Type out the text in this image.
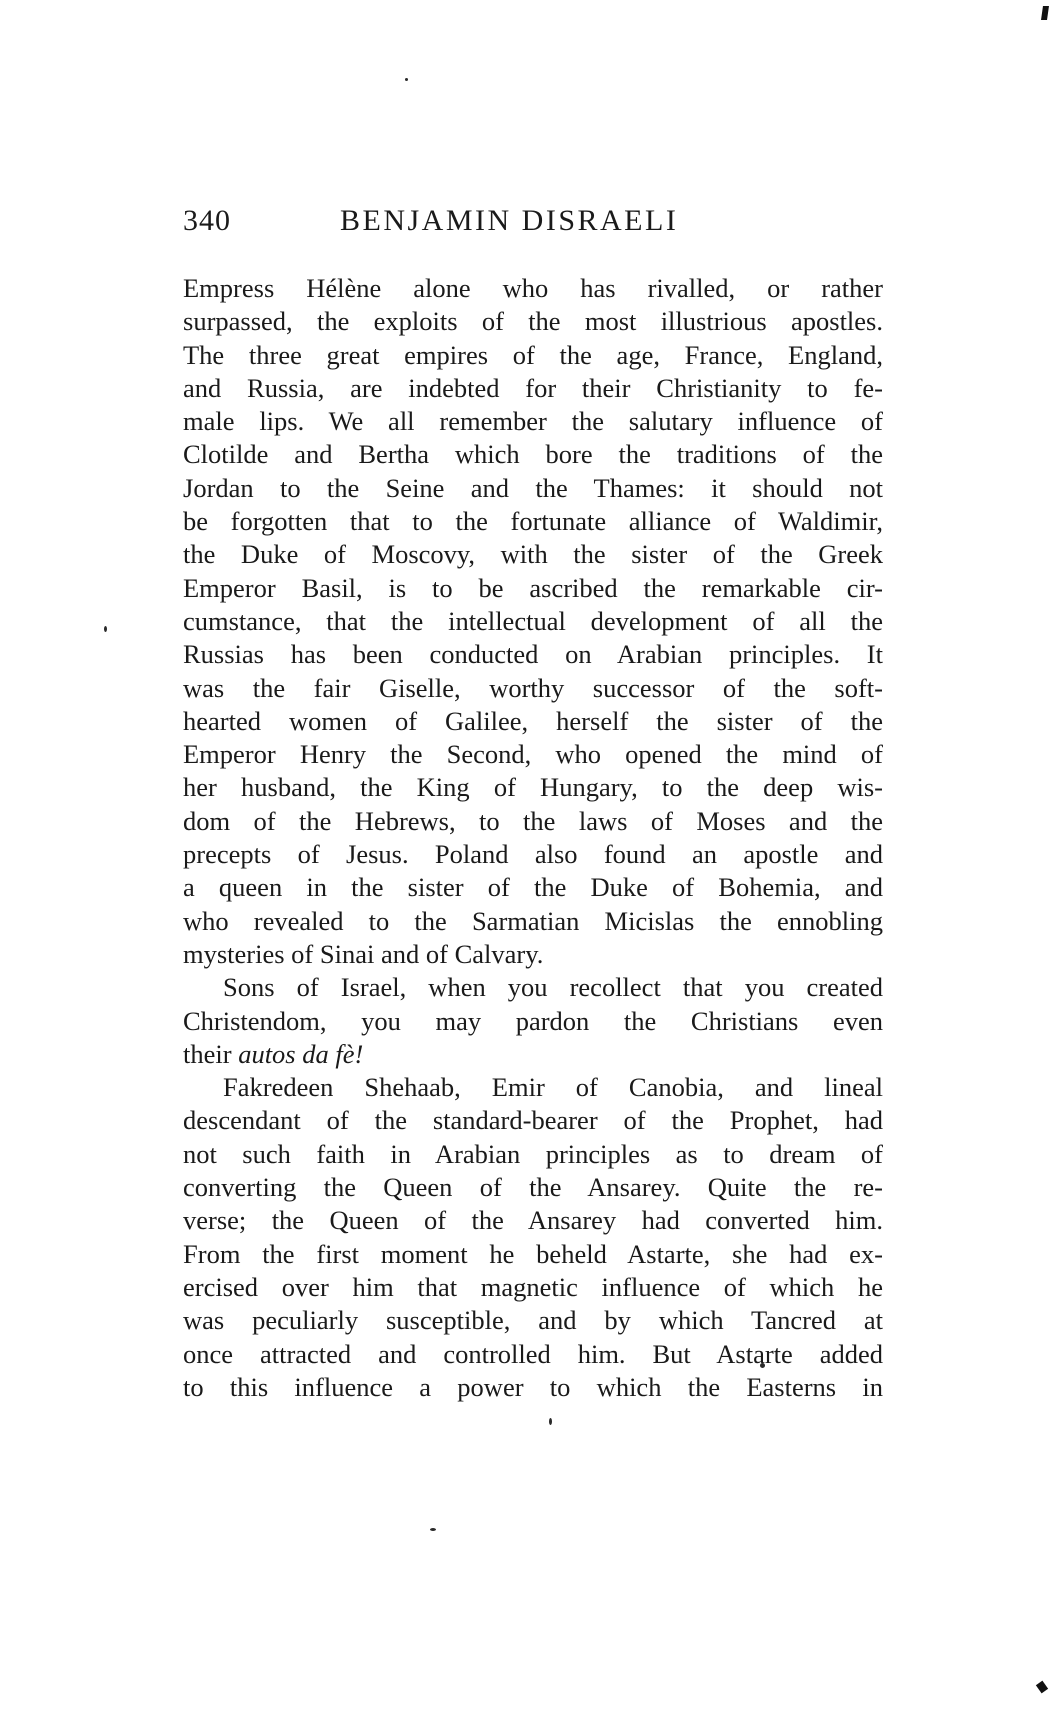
340	BENJAMIN DISRAELI
Empress Hélène alone who has rivalled, or rather
surpassed, the exploits of the most illustrious apostles.
The three great empires of the age, France, England,
and Russia, are indebted for their Christianity to fe-
male lips. We all remember the salutary influence of
Clotilde and Bertha which bore the traditions of the
Jordan to the Seine and the Thames: it should not
be forgotten that to the fortunate alliance of Waldimir,
the Duke of Moscovy, with the sister of the Greek
Emperor Basil, is to be ascribed the remarkable cir-
cumstance, that the intellectual development of all the
Russias has been conducted on Arabian principles. It
was the fair Giselle, worthy successor of the soft-
hearted women of Galilee, herself the sister of the
Emperor Henry the Second, who opened the mind of
her husband, the King of Hungary, to the deep wis-
dom of the Hebrews, to the laws of Moses and the
precepts of Jesus. Poland also found an apostle and
a queen in the sister of the Duke of Bohemia, and
who revealed to the Sarmatian Micislas the ennobling
mysteries of Sinai and of Calvary.
Sons of Israel, when you recollect that you created
Christendom, you may pardon the Christians even
their autos da fè!
Fakredeen Shehaab, Emir of Canobia, and lineal
descendant of the standard-bearer of the Prophet, had
not such faith in Arabian principles as to dream of
converting the Queen of the Ansarey. Quite the re-
verse; the Queen of the Ansarey had converted him.
From the first moment he beheld Astarte, she had ex-
ercised over him that magnetic influence of which he
was peculiarly susceptible, and by which Tancred at
once attracted and controlled him. But Astarte added
to this influence a power to which the Easterns in
